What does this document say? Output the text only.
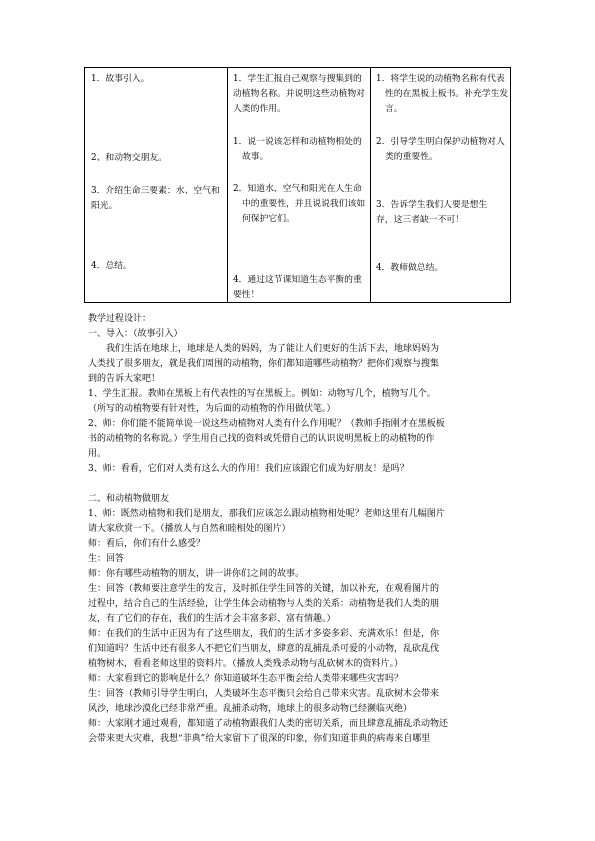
1．故事引入。

2、和动物交朋友。

3．介绍生命三要素：水、空气和阳光。

4．总结。

1．学生汇报自己观察与搜集到的动植物名称。并说明这些动植物对人类的作用。

1．说一说该怎样和动植物相处的故事。

2．知道水、空气和阳光在人生命中的重要性，并且说说我们该如何保护它们。

4．通过这节课知道生态平衡的重要性！

1．将学生说的动植物名称有代表性的在黑板上板书。补充学生发言。

2．引导学生明白保护动植物对人类的重要性。

3．告诉学生我们人要是想生存，这三者缺一不可！

4．教师做总结。

教学过程设计：

一、导入：（故事引入）

　　我们生活在地球上，地球是人类的妈妈，为了能让人们更好的生活下去，地球妈妈为

人类找了很多朋友，就是我们周围的动植物，你们都知道哪些动植物？把你们观察与搜集

到的告诉大家吧！

1、学生汇报。教师在黑板上有代表性的写在黑板上。例如：动物写几个，植物写几个。

（所写的动植物要有针对性，为后面的动植物的作用做伏笔。）

2、师：你们能不能简单说一说这些动植物对人类有什么作用呢？（教师手指刚才在黑板板

书的动植物的名称说。）学生用自己找的资料或凭借自己的认识说明黑板上的动植物的作

用。

3、师：看看，它们对人类有这么大的作用！我们应该跟它们成为好朋友！是吗？

二、和动植物做朋友

1、师：既然动植物和我们是朋友，那我们应该怎么跟动植物相处呢？老师这里有几幅图片

请大家欣赏一下。（播放人与自然和睦相处的图片）

师：看后，你们有什么感受？

生：回答

师：你有哪些动植物的朋友，讲一讲你们之间的故事。

生：回答（教师要注意学生的发言，及时抓住学生回答的关键，加以补充，在观看图片的

过程中，结合自己的生活经验，让学生体会动植物与人类的关系：动植物是我们人类的朋

友，有了它们的存在，我们的生活才会丰富多彩、富有情趣。）

师：在我们的生活中正因为有了这些朋友，我们的生活才多姿多彩、充满欢乐！但是，你

们知道吗？生活中还有很多人不把它们当朋友，肆意的乱捕乱杀可爱的小动物，乱砍乱伐

植物树木，看看老师这里的资料片。（播放人类残杀动物与乱砍树木的资料片。）

师：大家看到它的影响是什么？你知道破坏生态平衡会给人类带来哪些灾害吗？

生：回答（教师引导学生明白，人类破坏生态平衡只会给自己带来灾害。乱砍树木会带来

风沙，地球沙漠化已经非常严重。乱捕杀动物，地球上的很多动物已经濒临灭绝）

师：大家刚才通过观看，都知道了动植物跟我们人类的密切关系，而且肆意乱捕乱杀动物还

会带来更大灾难，我想“非典”给大家留下了很深的印象，你们知道非典的病毒来自哪里
